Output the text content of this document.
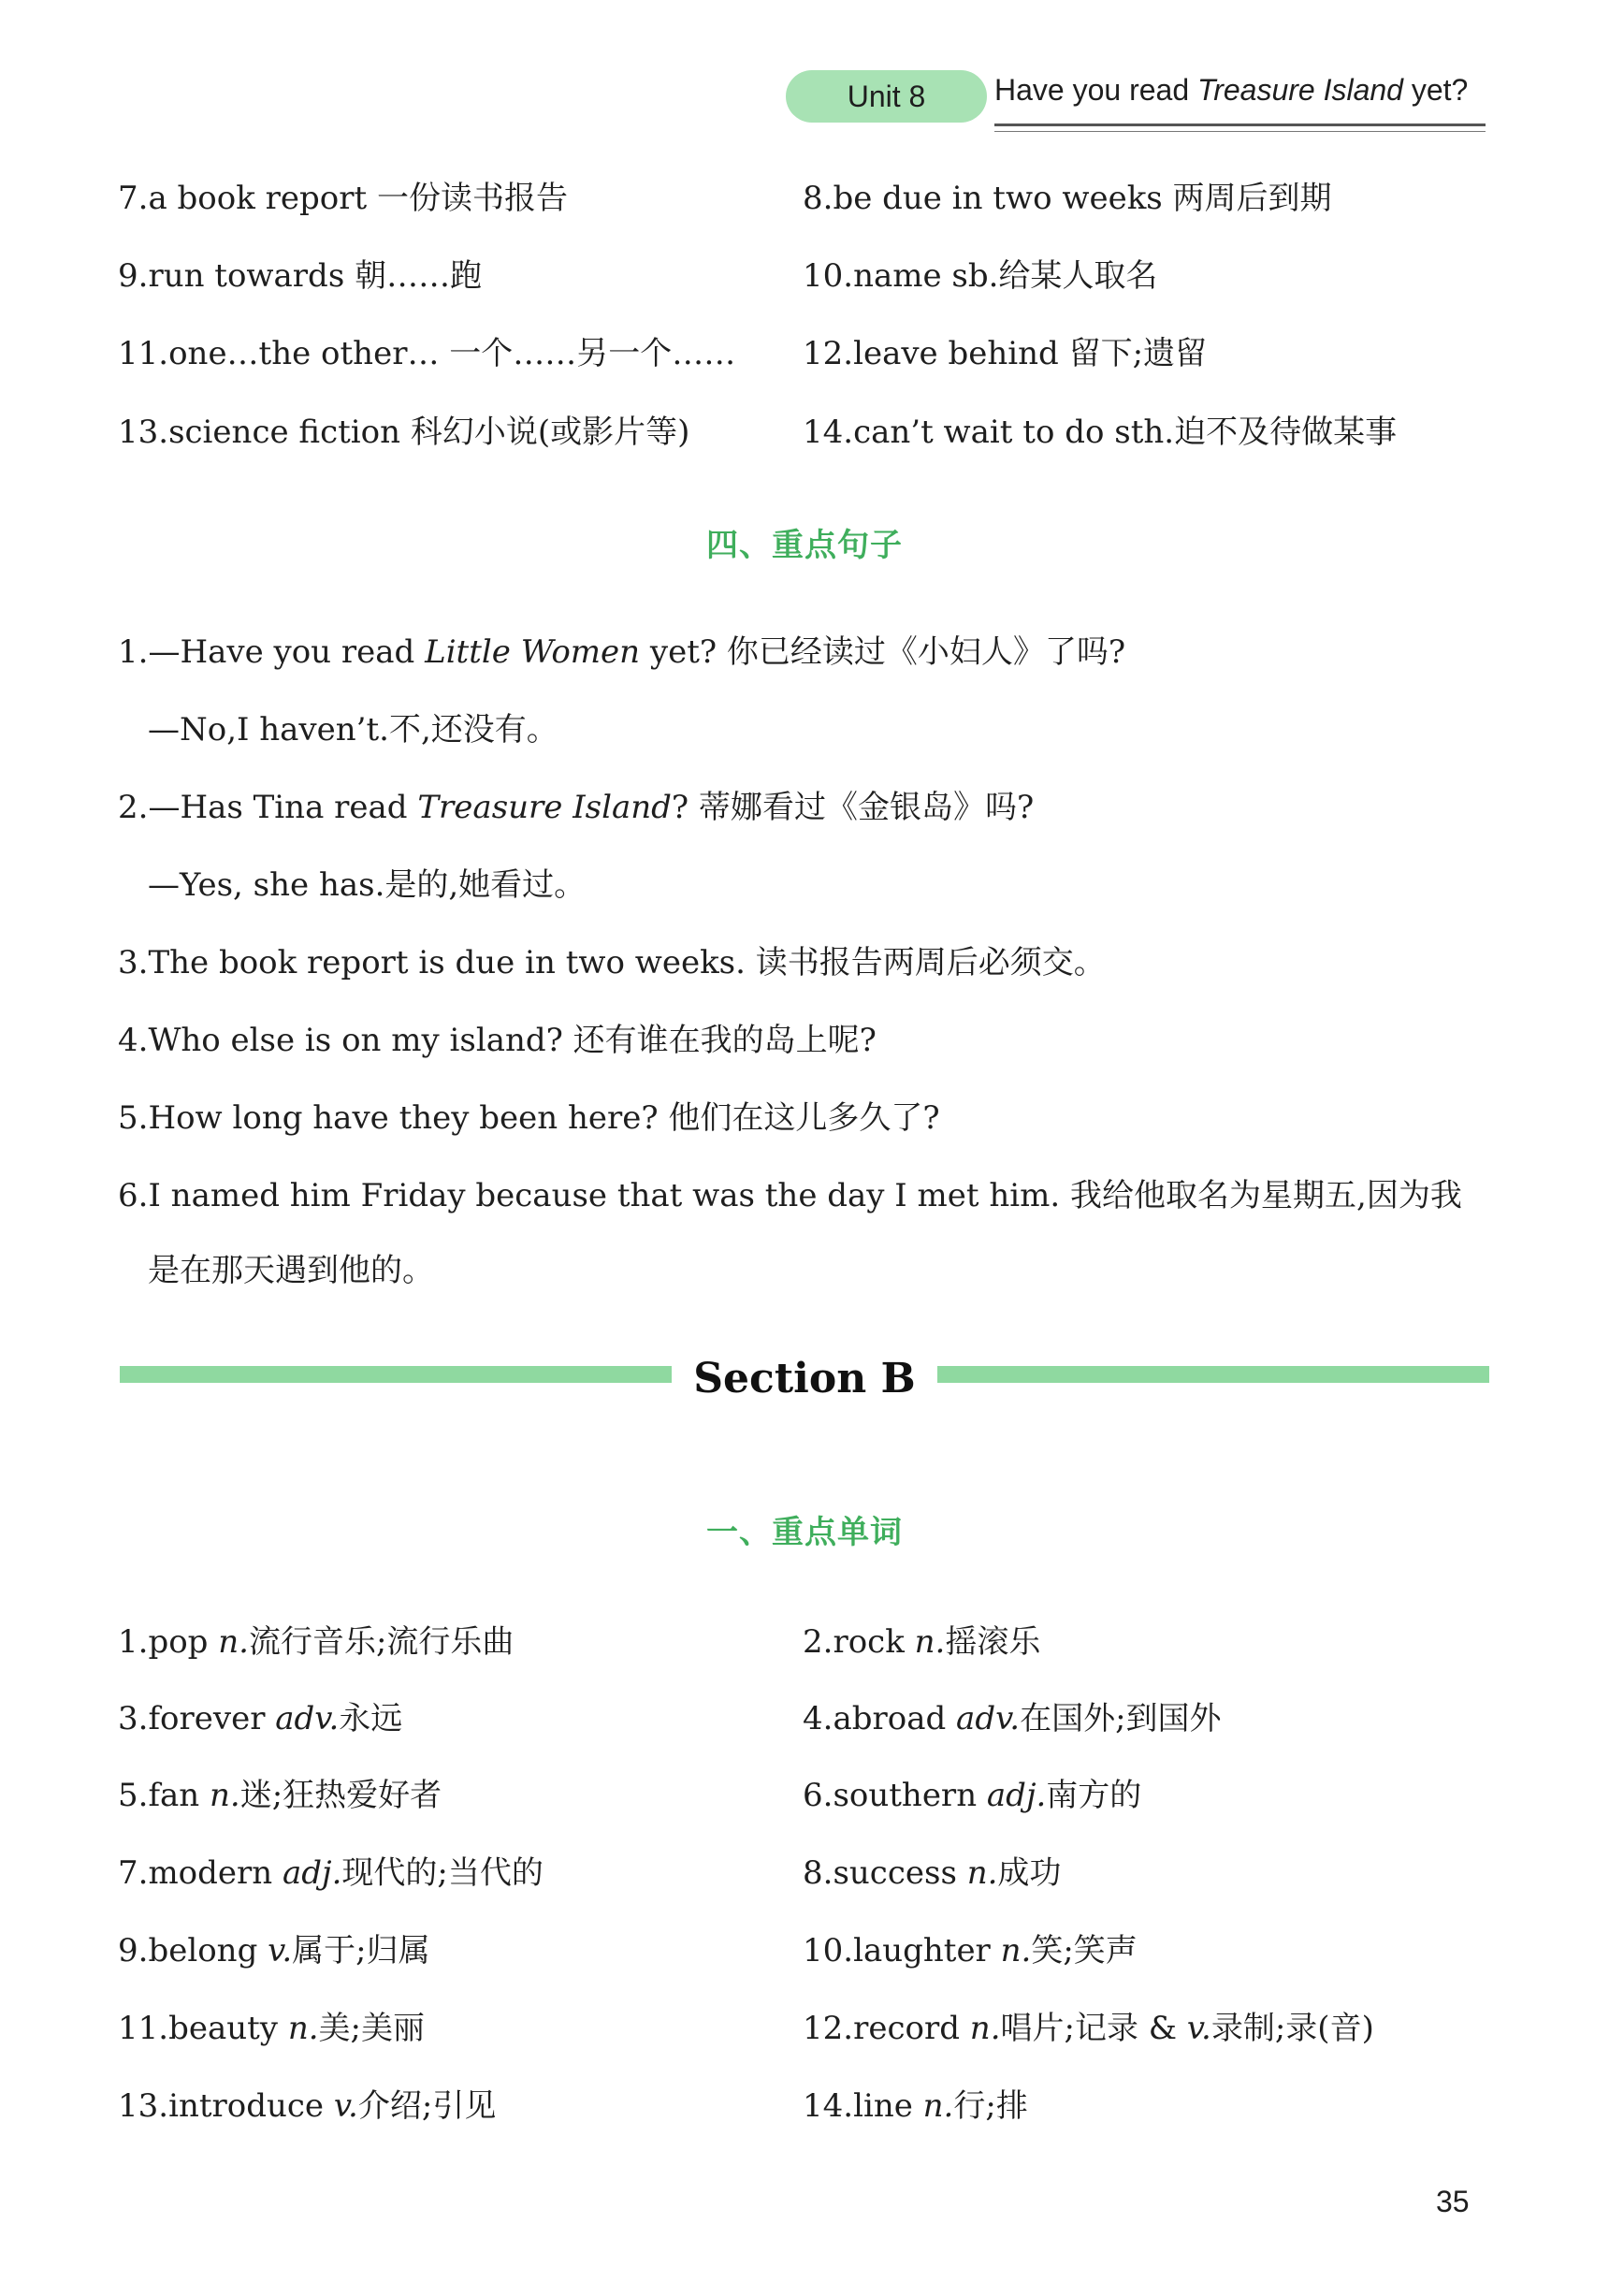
Unit 8 Have you read Treasure Island yet?
7.a book report 一份读书报告	8.be due in two weeks 两周后到期
9.run towards 朝……跑	10.name sb.给某人取名
11.one…the other… 一个……另一个…… 12.leave behind 留下;遗留
13.science fiction 科幻小说(或影片等)	14.can’t wait to do sth.迫不及待做某事
四、重点句子
1.—Have you read Little Women yet? 你已经读过《小妇人》了吗?
—No,I haven’t.不,还没有。
2.—Has Tina read Treasure Island? 蒂娜看过《金银岛》吗?
—Yes, she has.是的,她看过。
3.The book report is due in two weeks. 读书报告两周后必须交。
4.Who else is on my island? 还有谁在我的岛上呢?
5.How long have they been here? 他们在这儿多久了?
6.I named him Friday because that was the day I met him. 我给他取名为星期五,因为我
是在那天遇到他的。
Section B
一、重点单词
1.pop n.流行音乐;流行乐曲	2.rock n.摇滚乐
3.forever adv.永远	4.abroad adv.在国外;到国外
5.fan n.迷;狂热爱好者	6.southern adj.南方的
7.modern adj.现代的;当代的	8.success n.成功
9.belong v.属于;归属	10.laughter n.笑;笑声
11.beauty n.美;美丽	12.record n.唱片;记录 & v.录制;录(音)
13.introduce v.介绍;引见	14.line n.行;排
35
